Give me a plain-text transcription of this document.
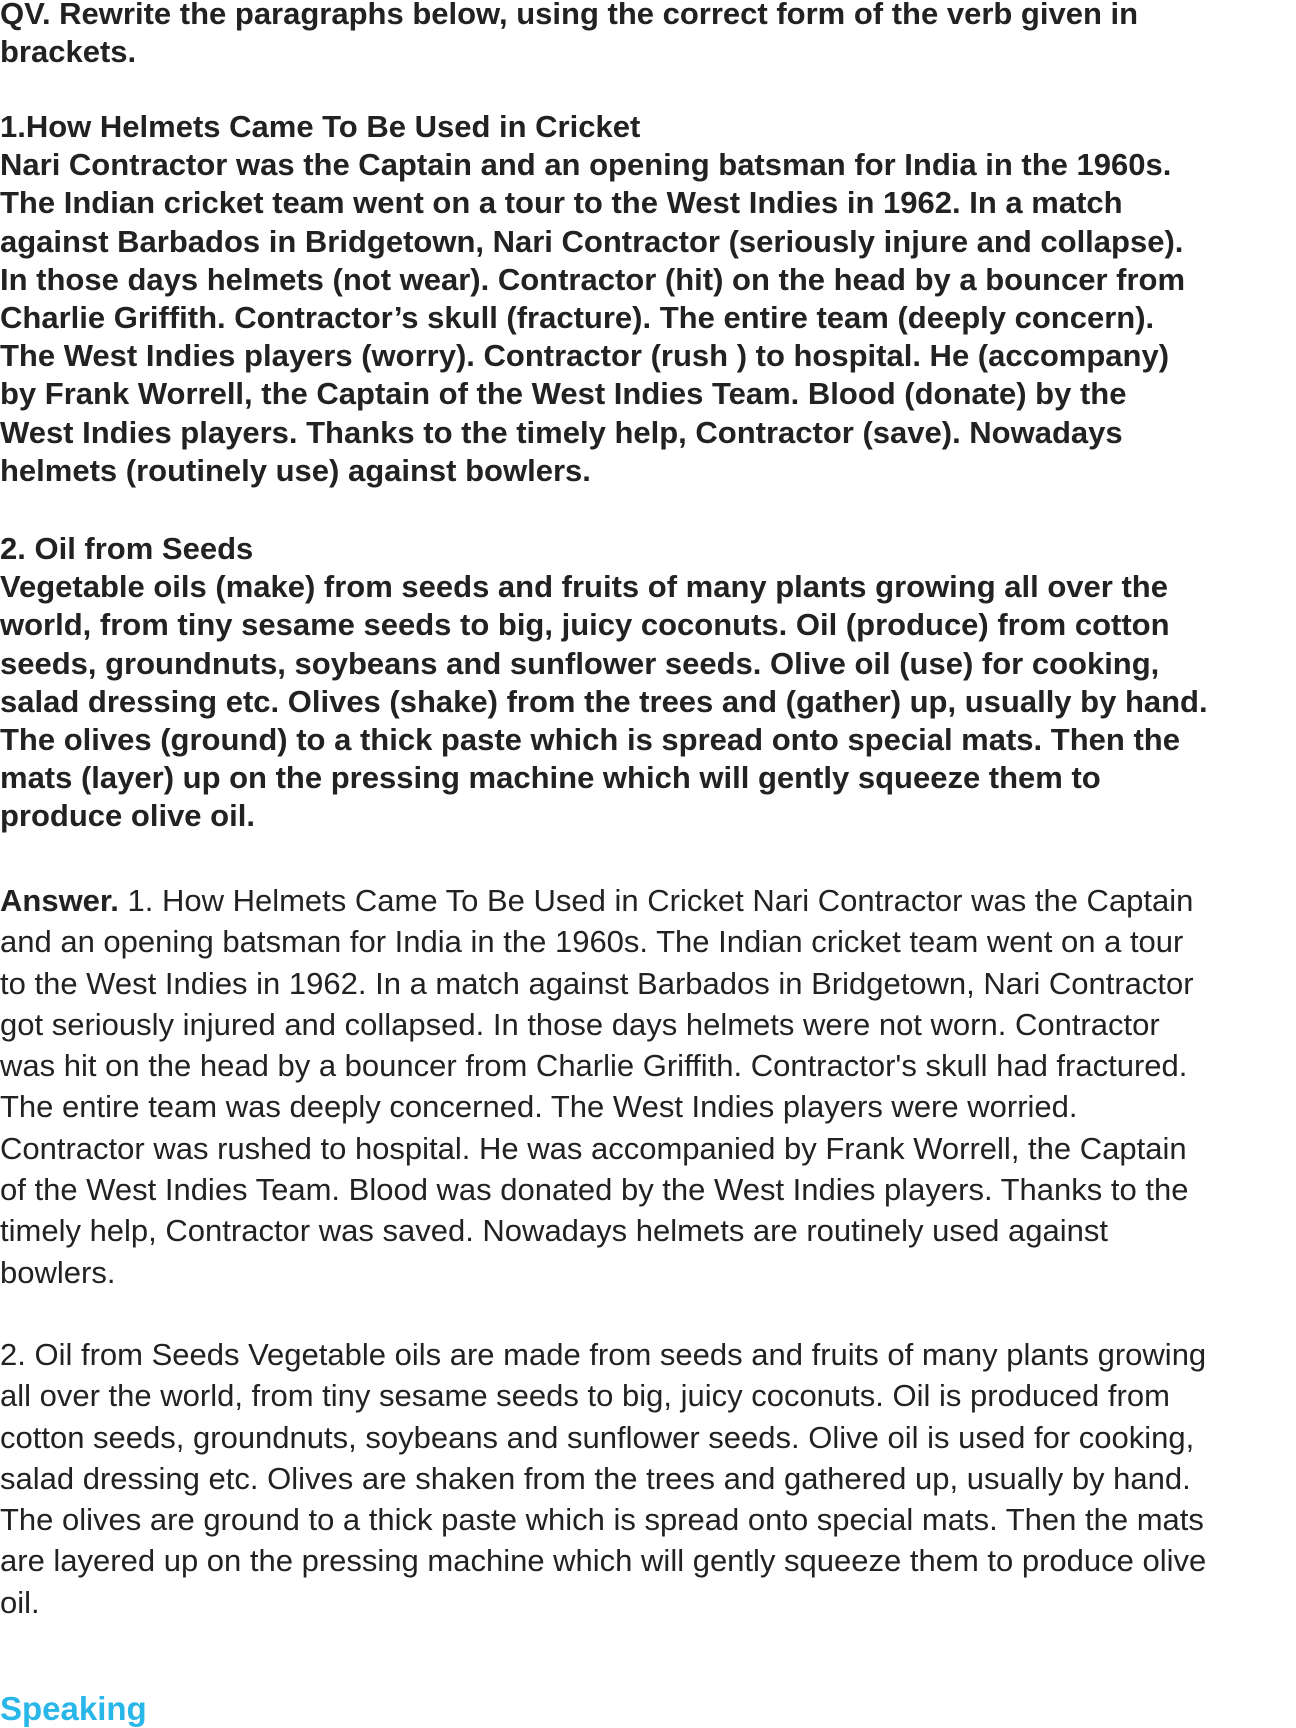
QV. Rewrite the paragraphs below, using the correct form of the verb given in
brackets.
1.How Helmets Came To Be Used in Cricket
Nari Contractor was the Captain and an opening batsman for India in the 1960s.
The Indian cricket team went on a tour to the West Indies in 1962. In a match
against Barbados in Bridgetown, Nari Contractor (seriously injure and collapse).
In those days helmets (not wear). Contractor (hit) on the head by a bouncer from
Charlie Griffith. Contractor’s skull (fracture). The entire team (deeply concern).
The West Indies players (worry). Contractor (rush ) to hospital. He (accompany)
by Frank Worrell, the Captain of the West Indies Team. Blood (donate) by the
West Indies players. Thanks to the timely help, Contractor (save). Nowadays
helmets (routinely use) against bowlers.
2. Oil from Seeds
Vegetable oils (make) from seeds and fruits of many plants growing all over the
world, from tiny sesame seeds to big, juicy coconuts. Oil (produce) from cotton
seeds, groundnuts, soybeans and sunflower seeds. Olive oil (use) for cooking,
salad dressing etc. Olives (shake) from the trees and (gather) up, usually by hand.
The olives (ground) to a thick paste which is spread onto special mats. Then the
mats (layer) up on the pressing machine which will gently squeeze them to
produce olive oil.
Answer. 1. How Helmets Came To Be Used in Cricket Nari Contractor was the Captain
and an opening batsman for India in the 1960s. The Indian cricket team went on a tour
to the West Indies in 1962. In a match against Barbados in Bridgetown, Nari Contractor
got seriously injured and collapsed. In those days helmets were not worn. Contractor
was hit on the head by a bouncer from Charlie Griffith. Contractor's skull had fractured.
The entire team was deeply concerned. The West Indies players were worried.
Contractor was rushed to hospital. He was accompanied by Frank Worrell, the Captain
of the West Indies Team. Blood was donated by the West Indies players. Thanks to the
timely help, Contractor was saved. Nowadays helmets are routinely used against
bowlers.
2. Oil from Seeds Vegetable oils are made from seeds and fruits of many plants growing
all over the world, from tiny sesame seeds to big, juicy coconuts. Oil is produced from
cotton seeds, groundnuts, soybeans and sunflower seeds. Olive oil is used for cooking,
salad dressing etc. Olives are shaken from the trees and gathered up, usually by hand.
The olives are ground to a thick paste which is spread onto special mats. Then the mats
are layered up on the pressing machine which will gently squeeze them to produce olive
oil.
Speaking
